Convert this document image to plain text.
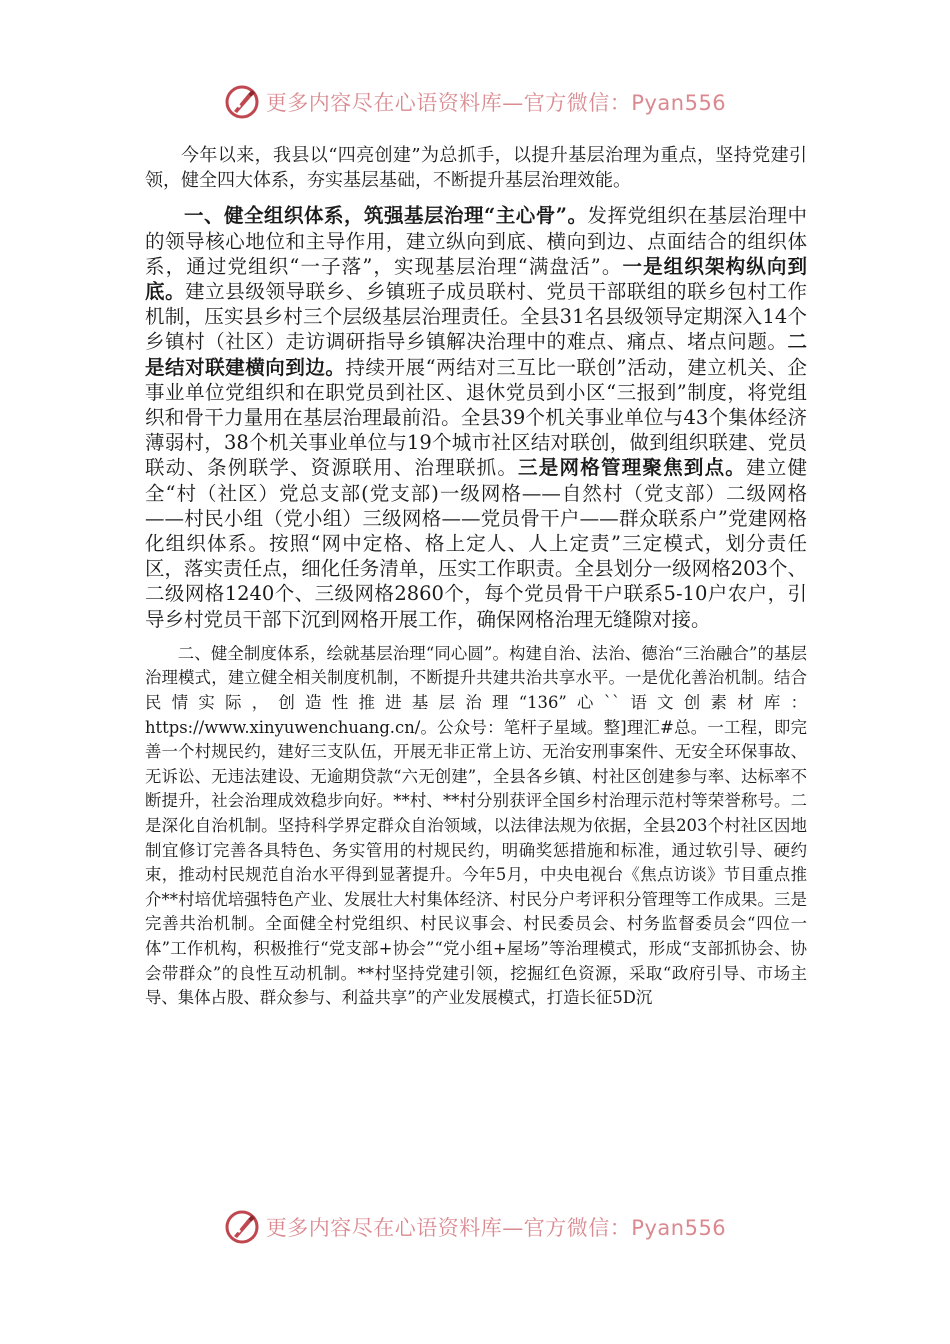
更多内容尽在心语资料库—官方微信：Pyan556

今年以来，我县以“四亮创建”为总抓手，以提升基层治理为重点，坚持党建引领，健全四大体系，夯实基层基础，不断提升基层治理效能。

一、健全组织体系，筑强基层治理“主心骨”。发挥党组织在基层治理中的领导核心地位和主导作用，建立纵向到底、横向到边、点面结合的组织体系，通过党组织“一子落”，实现基层治理“满盘活”。一是组织架构纵向到底。建立县级领导联乡、乡镇班子成员联村、党员干部联组的联乡包村工作机制，压实县乡村三个层级基层治理责任。全县31名县级领导定期深入14个乡镇村（社区）走访调研指导乡镇解决治理中的难点、痛点、堵点问题。二是结对联建横向到边。持续开展“两结对三互比一联创”活动，建立机关、企事业单位党组织和在职党员到社区、退休党员到小区“三报到”制度，将党组织和骨干力量用在基层治理最前沿。全县39个机关事业单位与43个集体经济薄弱村，38个机关事业单位与19个城市社区结对联创，做到组织联建、党员联动、条例联学、资源联用、治理联抓。三是网格管理聚焦到点。建立健全“村（社区）党总支部(党支部)一级网格——自然村（党支部）二级网格——村民小组（党小组）三级网格——党员骨干户——群众联系户”党建网格化组织体系。按照“网中定格、格上定人、人上定责”三定模式，划分责任区，落实责任点，细化任务清单，压实工作职责。全县划分一级网格203个、二级网格1240个、三级网格2860个，每个党员骨干户联系5-10户农户，引导乡村党员干部下沉到网格开展工作，确保网格治理无缝隙对接。

二、健全制度体系，绘就基层治理“同心圆”。构建自治、法治、德治“三治融合”的基层治理模式，建立健全相关制度机制，不断提升共建共治共享水平。一是优化善治机制。结合民情实际，创造性推进基层治理“136”心``语文创素材库：https://www.xinyuwenchuang.cn/。公众号：笔杆子星域。整]理汇#总。一工程，即完善一个村规民约，建好三支队伍，开展无非正常上访、无治安刑事案件、无安全环保事故、无诉讼、无违法建设、无逾期贷款“六无创建”，全县各乡镇、村社区创建参与率、达标率不断提升，社会治理成效稳步向好。**村、**村分别获评全国乡村治理示范村等荣誉称号。二是深化自治机制。坚持科学界定群众自治领域，以法律法规为依据，全县203个村社区因地制宜修订完善各具特色、务实管用的村规民约，明确奖惩措施和标准，通过软引导、硬约束，推动村民规范自治水平得到显著提升。今年5月，中央电视台《焦点访谈》节目重点推介**村培优培强特色产业、发展壮大村集体经济、村民分户考评积分管理等工作成果。三是完善共治机制。全面健全村党组织、村民议事会、村民委员会、村务监督委员会“四位一体”工作机构，积极推行“党支部+协会”“党小组+屋场”等治理模式，形成“支部抓协会、协会带群众”的良性互动机制。**村坚持党建引领，挖掘红色资源，采取“政府引导、市场主导、集体占股、群众参与、利益共享”的产业发展模式，打造长征5D沉

更多内容尽在心语资料库—官方微信：Pyan556
